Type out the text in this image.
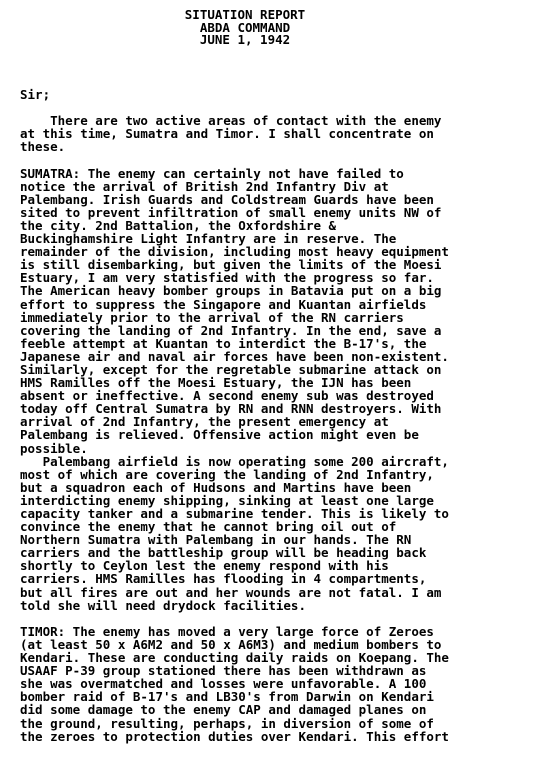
SITUATION REPORT
ABDA COMMAND
JUNE 1, 1942
Sir;
There are two active areas of contact with the enemy
at this time, Sumatra and Timor. I shall concentrate on
these.
SUMATRA: The enemy can certainly not have failed to
notice the arrival of British 2nd Infantry Div at
Palembang. Irish Guards and Coldstream Guards have been
sited to prevent infiltration of small enemy units NW of
the city. 2nd Battalion, the Oxfordshire &
Buckinghamshire Light Infantry are in reserve. The
remainder of the division, including most heavy equipment
is still disembarking, but given the limits of the Moesi
Estuary, I am very statisfied with the progress so far.
The American heavy bomber groups in Batavia put on a big
effort to suppress the Singapore and Kuantan airfields
immediately prior to the arrival of the RN carriers
covering the landing of 2nd Infantry. In the end, save a
feeble attempt at Kuantan to interdict the B-17's, the
Japanese air and naval air forces have been non-existent.
Similarly, except for the regretable submarine attack on
HMS Ramilles off the Moesi Estuary, the IJN has been
absent or ineffective. A second enemy sub was destroyed
today off Central Sumatra by RN and RNN destroyers. With
arrival of 2nd Infantry, the present emergency at
Palembang is relieved. Offensive action might even be
possible.
Palembang airfield is now operating some 200 aircraft,
most of which are covering the landing of 2nd Infantry,
but a squadron each of Hudsons and Martins have been
interdicting enemy shipping, sinking at least one large
capacity tanker and a submarine tender. This is likely to
convince the enemy that he cannot bring oil out of
Northern Sumatra with Palembang in our hands. The RN
carriers and the battleship group will be heading back
shortly to Ceylon lest the enemy respond with his
carriers. HMS Ramilles has flooding in 4 compartments,
but all fires are out and her wounds are not fatal. I am
told she will need drydock facilities.
TIMOR: The enemy has moved a very large force of Zeroes
(at least 50 x A6M2 and 50 x A6M3) and medium bombers to
Kendari. These are conducting daily raids on Koepang. The
USAAF P-39 group stationed there has been withdrawn as
she was overmatched and losses were unfavorable. A 100
bomber raid of B-17's and LB30's from Darwin on Kendari
did some damage to the enemy CAP and damaged planes on
the ground, resulting, perhaps, in diversion of some of
the zeroes to protection duties over Kendari. This effort
